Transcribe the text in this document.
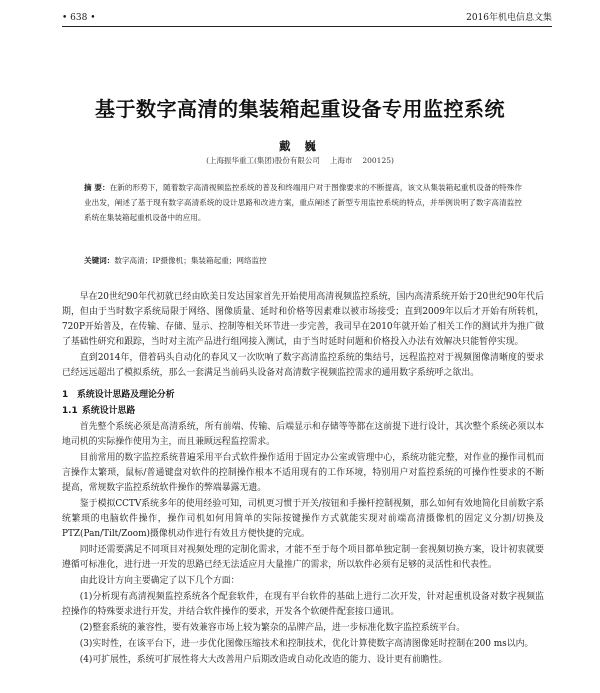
• 638 •	2016年机电信息文集
基于数字高清的集装箱起重设备专用监控系统
戴 巍
(上海振华重工(集团)股份有限公司 上海市 200125)
摘 要：在新的形势下，随着数字高清视频监控系统的普及和终端用户对于图像要求的不断提高，该文从集装箱起重机设备的特殊作业出发，阐述了基于现有数字高清系统的设计思路和改进方案，重点阐述了新型专用监控系统的特点，并举例说明了数字高清监控系统在集装箱起重机设备中的应用。
关键词：数字高清；IP摄像机；集装箱起重；网络监控

早在20世纪90年代初就已经由欧美日发达国家首先开始使用高清视频监控系统，国内高清系统开始于20世纪90年代后期，但由于当时数字系统局限于网络、图像质量、延时和价格等因素难以被市场接受；直到2009年以后才开始有所转机，720P开始普及，在传输、存储、显示、控制等相关环节进一步完善，我司早在2010年就开始了相关工作的测试并为推广做了基础性研究和跟踪，当时对主流产品进行组网接入测试，由于当时延时问题和价格投入办法有效解决只能暂停实现。

直到2014年，借着码头自动化的春风又一次吹响了数字高清监控系统的集结号，远程监控对于视频图像清晰度的要求已经远远超出了模拟系统，那么一套满足当前码头设备对高清数字视频监控需求的通用数字系统呼之欲出。

1　系统设计思路及理论分析
1.1 系统设计思路

首先整个系统必须是高清系统，所有前端、传输、后端显示和存储等等都在这前提下进行设计，其次整个系统必须以本地司机的实际操作使用为主，而且兼顾远程监控需求。

目前常用的数字监控系统普遍采用平台式软件操作适用于固定办公室或管理中心，系统功能完整，对作业的操作司机而言操作太繁琐，鼠标/普通键盘对软件的控制操作根本不适用现有的工作环境，特别用户对监控系统的可操作性要求的不断提高，常规数字监控系统软件操作的弊端暴露无遗。

鉴于模拟CCTV系统多年的使用经验可知，司机更习惯于开关/按钮和手操杆控制视频，那么如何有效地简化目前数字系统繁琐的电脑软件操作，操作司机如何用简单的实际按键操作方式就能实现对前端高清摄像机的固定义分割/切换及PTZ(Pan/Tilt/Zoom)摄像机动作进行有效且方便快捷的完成。

同时还需要满足不同项目对视频处理的定制化需求，才能不至于每个项目都单独定制一套视频切换方案，设计初衷就要遵循可标准化，进行进一开发的思路已经无法适应月大量推广的需求，所以软件必须有足够的灵活性和代表性。

由此设计方向主要确定了以下几个方面：

(1)分析现有高清视频监控系统各个配套软件，在现有平台软件的基础上进行二次开发，针对起重机设备对数字视频监控操作的特殊要求进行开发，并结合软件操作的要求，开发各个软硬件配套接口通讯。

(2)整套系统的兼容性，要有效兼容市场上较为繁杂的品牌产品，进一步标准化数字监控系统平台。

(3)实时性，在该平台下，进一步优化图像压缩技术和控制技术，优化计算使数字高清图像延时控制在200 ms以内。

(4)可扩展性，系统可扩展性将大大改善用户后期改造或自动化改造的能力、设计更有前瞻性。
